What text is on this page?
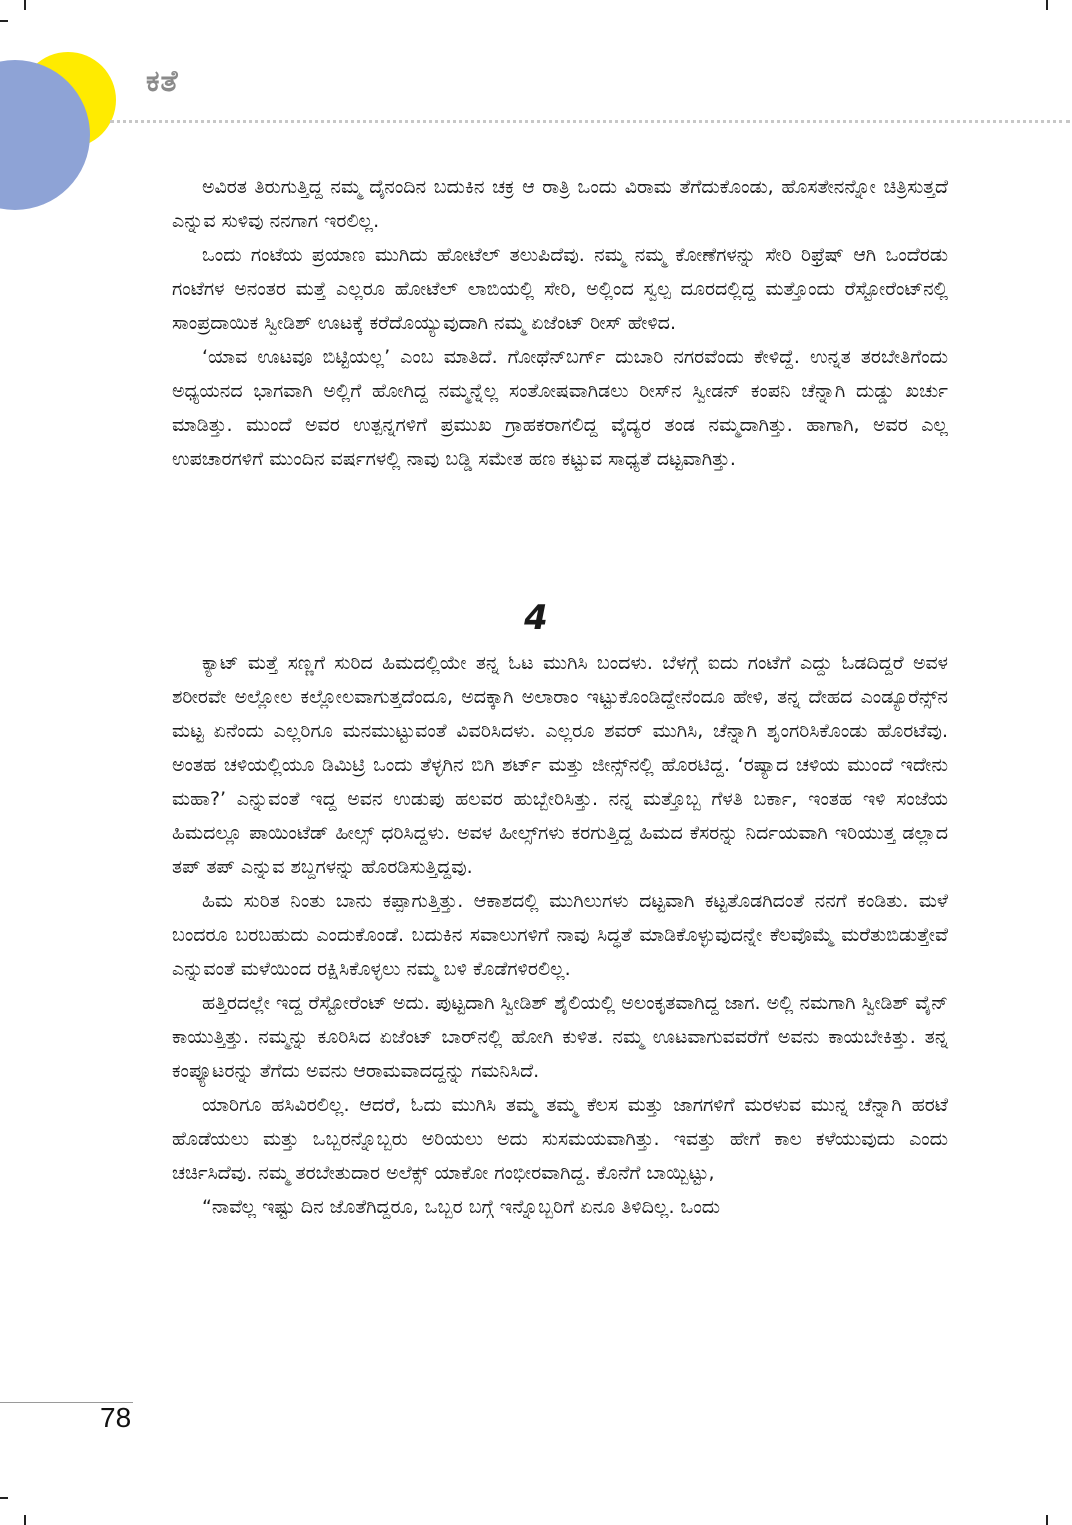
ಕತೆ

ಅವಿರತ ತಿರುಗುತ್ತಿದ್ದ ನಮ್ಮ ದೈನಂದಿನ ಬದುಕಿನ ಚಕ್ರ ಆ ರಾತ್ರಿ ಒಂದು ವಿರಾಮ ತೆಗೆದುಕೊಂಡು, ಹೊಸತೇನನ್ನೋ ಚಿತ್ರಿಸುತ್ತದೆ ಎನ್ನುವ ಸುಳಿವು ನನಗಾಗ ಇರಲಿಲ್ಲ.

ಒಂದು ಗಂಟೆಯ ಪ್ರಯಾಣ ಮುಗಿದು ಹೋಟೆಲ್ ತಲುಪಿದೆವು. ನಮ್ಮ ನಮ್ಮ ಕೋಣೆಗಳನ್ನು ಸೇರಿ ರಿಫ್ರೆಷ್ ಆಗಿ ಒಂದೆರಡು ಗಂಟೆಗಳ ಅನಂತರ ಮತ್ತೆ ಎಲ್ಲರೂ ಹೋಟೆಲ್ ಲಾಬಿಯಲ್ಲಿ ಸೇರಿ, ಅಲ್ಲಿಂದ ಸ್ವಲ್ಪ ದೂರದಲ್ಲಿದ್ದ ಮತ್ತೊಂದು ರೆಸ್ಟೋರೆಂಟ್‌ನಲ್ಲಿ ಸಾಂಪ್ರದಾಯಿಕ ಸ್ವೀಡಿಶ್ ಊಟಕ್ಕೆ ಕರೆದೊಯ್ಯುವುದಾಗಿ ನಮ್ಮ ಏಜೆಂಟ್ ರೀಸ್ ಹೇಳಿದ.

‘ಯಾವ ಊಟವೂ ಬಿಟ್ಟಿಯಲ್ಲ’ ಎಂಬ ಮಾತಿದೆ. ಗೋಥೆನ್‌ಬರ್ಗ್ ದುಬಾರಿ ನಗರವೆಂದು ಕೇಳಿದ್ದೆ. ಉನ್ನತ ತರಬೇತಿಗೆಂದು ಅಧ್ಯಯನದ ಭಾಗವಾಗಿ ಅಲ್ಲಿಗೆ ಹೋಗಿದ್ದ ನಮ್ಮನ್ನೆಲ್ಲ ಸಂತೋಷವಾಗಿಡಲು ರೀಸ್‌ನ ಸ್ವೀಡನ್ ಕಂಪನಿ ಚೆನ್ನಾಗಿ ದುಡ್ಡು ಖರ್ಚು ಮಾಡಿತ್ತು. ಮುಂದೆ ಅವರ ಉತ್ಪನ್ನಗಳಿಗೆ ಪ್ರಮುಖ ಗ್ರಾಹಕರಾಗಲಿದ್ದ ವೈದ್ಯರ ತಂಡ ನಮ್ಮದಾಗಿತ್ತು. ಹಾಗಾಗಿ, ಅವರ ಎಲ್ಲ ಉಪಚಾರಗಳಿಗೆ ಮುಂದಿನ ವರ್ಷಗಳಲ್ಲಿ ನಾವು ಬಡ್ಡಿ ಸಮೇತ ಹಣ ಕಟ್ಟುವ ಸಾಧ್ಯತೆ ದಟ್ಟವಾಗಿತ್ತು.

4

ಕ್ಯಾಟ್ ಮತ್ತೆ ಸಣ್ಣಗೆ ಸುರಿದ ಹಿಮದಲ್ಲಿಯೇ ತನ್ನ ಓಟ ಮುಗಿಸಿ ಬಂದಳು. ಬೆಳಗ್ಗೆ ಐದು ಗಂಟೆಗೆ ಎದ್ದು ಓಡದಿದ್ದರೆ ಅವಳ ಶರೀರವೇ ಅಲ್ಲೋಲ ಕಲ್ಲೋಲವಾಗುತ್ತದೆಂದೂ, ಅದಕ್ಕಾಗಿ ಅಲಾರಾಂ ಇಟ್ಟುಕೊಂಡಿದ್ದೇನೆಂದೂ ಹೇಳಿ, ತನ್ನ ದೇಹದ ಎಂಡ್ಯೂರೆನ್ಸ್‌ನ ಮಟ್ಟ ಏನೆಂದು ಎಲ್ಲರಿಗೂ ಮನಮುಟ್ಟುವಂತೆ ವಿವರಿಸಿದಳು. ಎಲ್ಲರೂ ಶವರ್ ಮುಗಿಸಿ, ಚೆನ್ನಾಗಿ ಶೃಂಗರಿಸಿಕೊಂಡು ಹೊರಟೆವು. ಅಂತಹ ಚಳಿಯಲ್ಲಿಯೂ ಡಿಮಿಟ್ರಿ ಒಂದು ತೆಳ್ಳಗಿನ ಬಿಗಿ ಶರ್ಟ್ ಮತ್ತು ಜೀನ್ಸ್‌ನಲ್ಲಿ ಹೊರಟಿದ್ದ. ‘ರಷ್ಯಾದ ಚಳಿಯ ಮುಂದೆ ಇದೇನು ಮಹಾ?’ ಎನ್ನುವಂತೆ ಇದ್ದ ಅವನ ಉಡುಪು ಹಲವರ ಹುಬ್ಬೇರಿಸಿತ್ತು. ನನ್ನ ಮತ್ತೊಬ್ಬ ಗೆಳತಿ ಬರ್ಕಾ, ಇಂತಹ ಇಳಿ ಸಂಜೆಯ ಹಿಮದಲ್ಲೂ ಪಾಯಿಂಟೆಡ್ ಹೀಲ್ಸ್ ಧರಿಸಿದ್ದಳು. ಅವಳ ಹೀಲ್ಸ್‌ಗಳು ಕರಗುತ್ತಿದ್ದ ಹಿಮದ ಕೆಸರನ್ನು ನಿರ್ದಯವಾಗಿ ಇರಿಯುತ್ತ ಡಲ್ಲಾದ ತಪ್ ತಪ್ ಎನ್ನುವ ಶಬ್ದಗಳನ್ನು ಹೊರಡಿಸುತ್ತಿದ್ದವು.

ಹಿಮ ಸುರಿತ ನಿಂತು ಬಾನು ಕಪ್ಪಾಗುತ್ತಿತ್ತು. ಆಕಾಶದಲ್ಲಿ ಮುಗಿಲುಗಳು ದಟ್ಟವಾಗಿ ಕಟ್ಟತೊಡಗಿದಂತೆ ನನಗೆ ಕಂಡಿತು. ಮಳೆ ಬಂದರೂ ಬರಬಹುದು ಎಂದುಕೊಂಡೆ. ಬದುಕಿನ ಸವಾಲುಗಳಿಗೆ ನಾವು ಸಿದ್ಧತೆ ಮಾಡಿಕೊಳ್ಳುವುದನ್ನೇ ಕೆಲವೊಮ್ಮೆ ಮರೆತುಬಿಡುತ್ತೇವೆ ಎನ್ನುವಂತೆ ಮಳೆಯಿಂದ ರಕ್ಷಿಸಿಕೊಳ್ಳಲು ನಮ್ಮ ಬಳಿ ಕೊಡೆಗಳಿರಲಿಲ್ಲ.

ಹತ್ತಿರದಲ್ಲೇ ಇದ್ದ ರೆಸ್ಟೋರೆಂಟ್ ಅದು. ಪುಟ್ಟದಾಗಿ ಸ್ವೀಡಿಶ್ ಶೈಲಿಯಲ್ಲಿ ಅಲಂಕೃತವಾಗಿದ್ದ ಜಾಗ. ಅಲ್ಲಿ ನಮಗಾಗಿ ಸ್ವೀಡಿಶ್ ವೈನ್ ಕಾಯುತ್ತಿತ್ತು. ನಮ್ಮನ್ನು ಕೂರಿಸಿದ ಏಜೆಂಟ್ ಬಾರ್‌ನಲ್ಲಿ ಹೋಗಿ ಕುಳಿತ. ನಮ್ಮ ಊಟವಾಗುವವರೆಗೆ ಅವನು ಕಾಯಬೇಕಿತ್ತು. ತನ್ನ ಕಂಪ್ಯೂಟರನ್ನು ತೆಗೆದು ಅವನು ಆರಾಮವಾದದ್ದನ್ನು ಗಮನಿಸಿದೆ.

ಯಾರಿಗೂ ಹಸಿವಿರಲಿಲ್ಲ. ಆದರೆ, ಓದು ಮುಗಿಸಿ ತಮ್ಮ ತಮ್ಮ ಕೆಲಸ ಮತ್ತು ಜಾಗಗಳಿಗೆ ಮರಳುವ ಮುನ್ನ ಚೆನ್ನಾಗಿ ಹರಟೆ ಹೊಡೆಯಲು ಮತ್ತು ಒಬ್ಬರನ್ನೊಬ್ಬರು ಅರಿಯಲು ಅದು ಸುಸಮಯವಾಗಿತ್ತು. ಇವತ್ತು ಹೇಗೆ ಕಾಲ ಕಳೆಯುವುದು ಎಂದು ಚರ್ಚಿಸಿದೆವು. ನಮ್ಮ ತರಬೇತುದಾರ ಅಲೆಕ್ಸ್ ಯಾಕೋ ಗಂಭೀರವಾಗಿದ್ದ. ಕೊನೆಗೆ ಬಾಯ್ಬಿಟ್ಟು,

“ನಾವೆಲ್ಲ ಇಷ್ಟು ದಿನ ಜೊತೆಗಿದ್ದರೂ, ಒಬ್ಬರ ಬಗ್ಗೆ ಇನ್ನೊಬ್ಬರಿಗೆ ಏನೂ ತಿಳಿದಿಲ್ಲ. ಒಂದು

78
